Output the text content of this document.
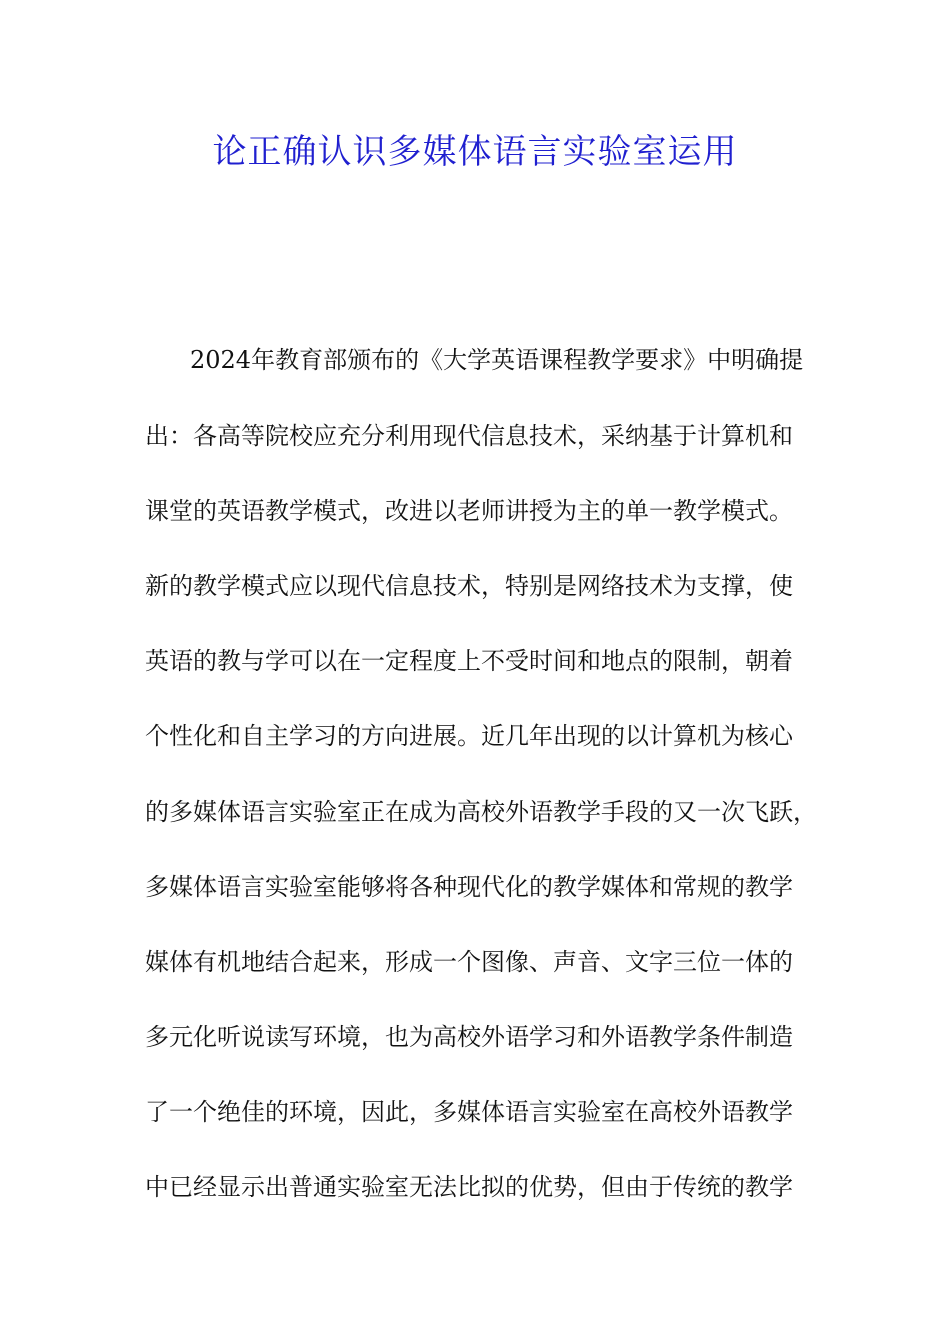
论正确认识多媒体语言实验室运用
2024年教育部颁布的《大学英语课程教学要求》中明确提
出：各高等院校应充分利用现代信息技术，采纳基于计算机和
课堂的英语教学模式，改进以老师讲授为主的单一教学模式。
新的教学模式应以现代信息技术，特别是网络技术为支撑，使
英语的教与学可以在一定程度上不受时间和地点的限制，朝着
个性化和自主学习的方向进展。近几年出现的以计算机为核心
的多媒体语言实验室正在成为高校外语教学手段的又一次飞跃，
多媒体语言实验室能够将各种现代化的教学媒体和常规的教学
媒体有机地结合起来，形成一个图像、声音、文字三位一体的
多元化听说读写环境，也为高校外语学习和外语教学条件制造
了一个绝佳的环境，因此，多媒体语言实验室在高校外语教学
中已经显示出普通实验室无法比拟的优势，但由于传统的教学
